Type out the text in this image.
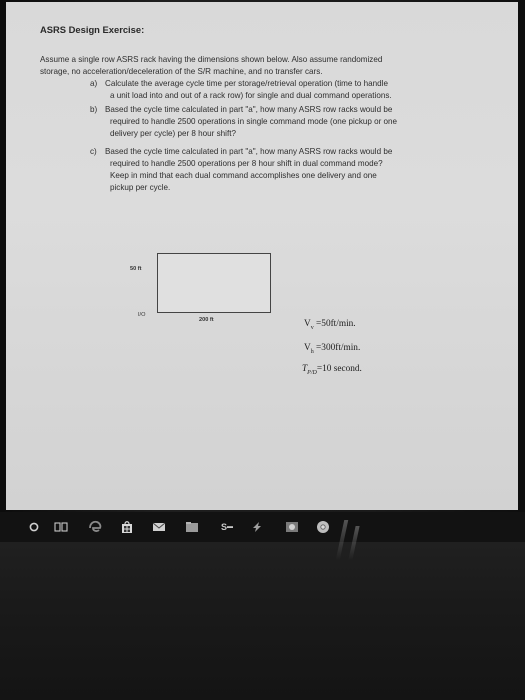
ASRS Design Exercise:
Assume a single row ASRS rack having the dimensions shown below. Also assume randomized
storage, no acceleration/deceleration of the S/R machine, and no transfer cars.
a) Calculate the average cycle time per storage/retrieval operation (time to handle
a unit load into and out of a rack row) for single and dual command operations.
b) Based the cycle time calculated in part "a", how many ASRS row racks would be
required to handle 2500 operations in single command mode (one pickup or one
delivery per cycle) per 8 hour shift?
c) Based the cycle time calculated in part "a", how many ASRS row racks would be
required to handle 2500 operations per 8 hour shift in dual command mode?
Keep in mind that each dual command accomplishes one delivery and one
pickup per cycle.
50 ft
I/O
200 ft	$V_v =50ft/\min$.
$V_h =300ft/\min$.
$T_{P/D}=10$ second.
S ▬
